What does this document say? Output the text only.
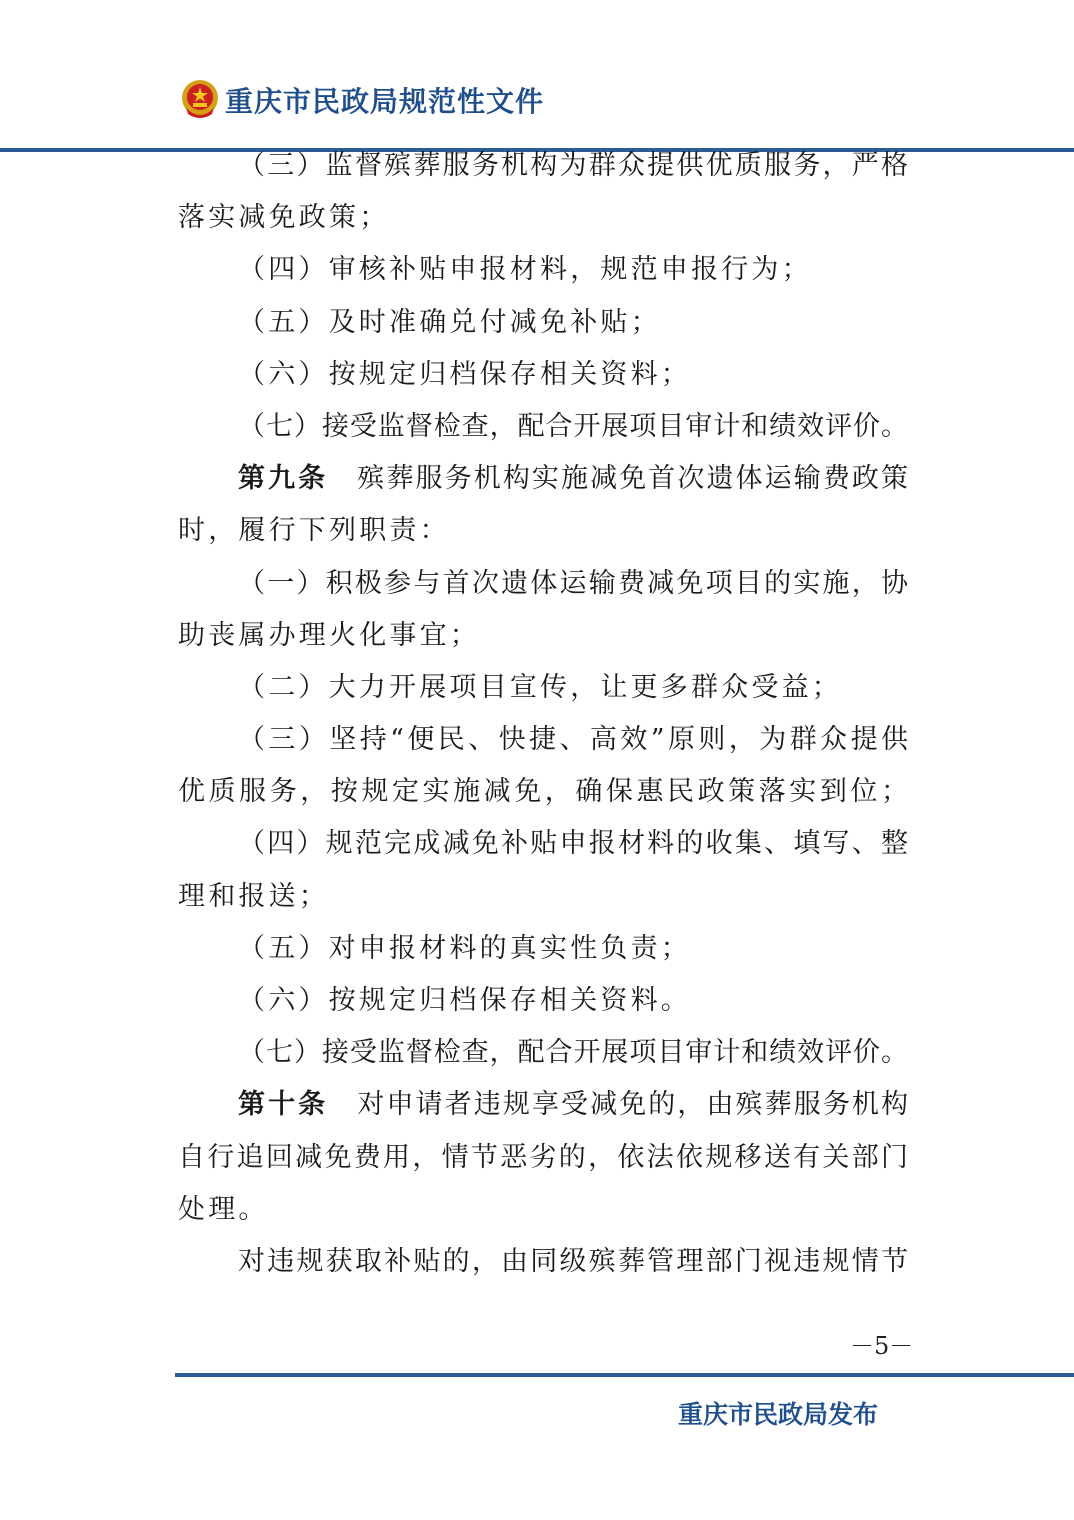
重庆市民政局规范性文件
（三）监督殡葬服务机构为群众提供优质服务，严格
落实减免政策；
（四）审核补贴申报材料，规范申报行为；
（五）及时准确兑付减免补贴；
（六）按规定归档保存相关资料；
（七）接受监督检查，配合开展项目审计和绩效评价。
第九条　 殡葬服务机构实施减免首次遗体运输费政策
时，履行下列职责：
（一）积极参与首次遗体运输费减免项目的实施，协
助丧属办理火化事宜；
（二）大力开展项目宣传，让更多群众受益；
（三）坚持“便民、快捷、高效”原则，为群众提供
优质服务，按规定实施减免，确保惠民政策落实到位；
（四）规范完成减免补贴申报材料的收集、填写、整
理和报送；
（五）对申报材料的真实性负责；
（六）按规定归档保存相关资料。
（七）接受监督检查，配合开展项目审计和绩效评价。
第十条　 对申请者违规享受减免的，由殡葬服务机构
自行追回减免费用，情节恶劣的，依法依规移送有关部门
处理。
对违规获取补贴的，由同级殡葬管理部门视违规情节
－5－
重庆市民政局发布
